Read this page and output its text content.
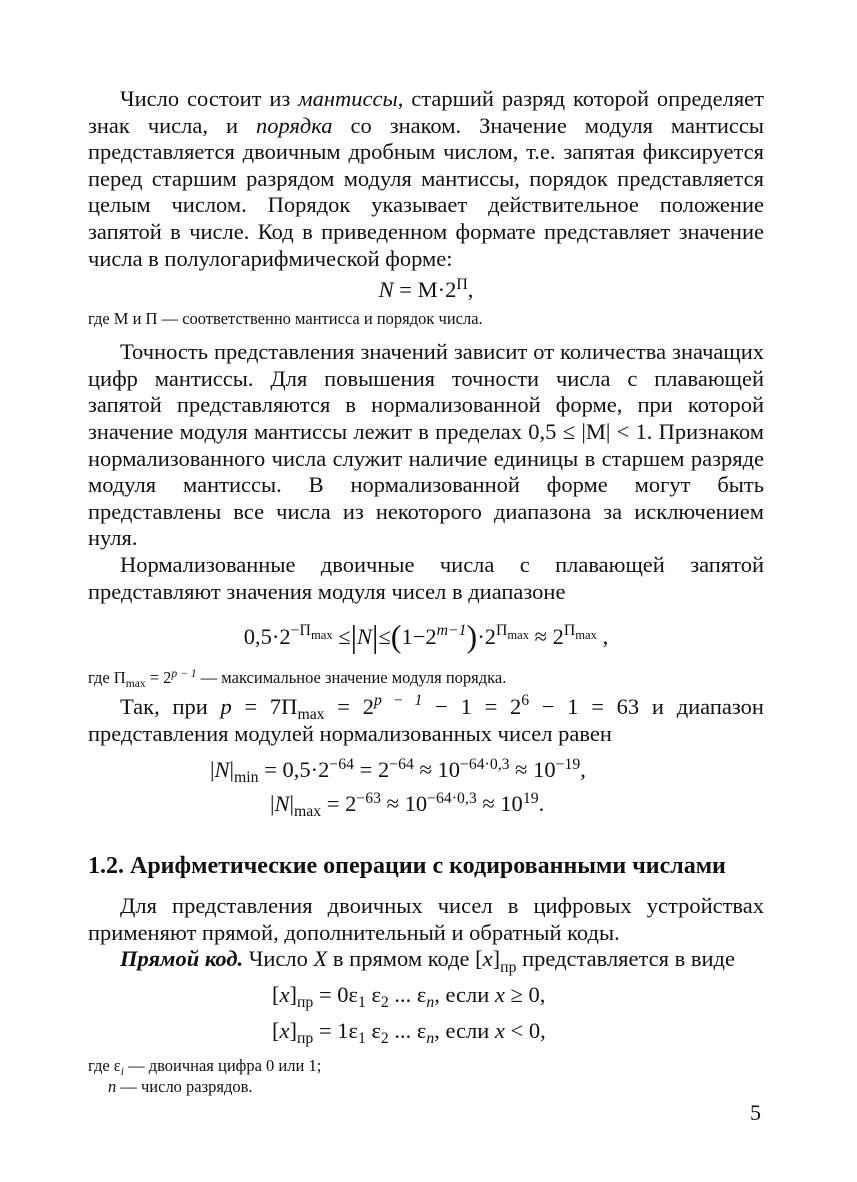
Число состоит из мантиссы, старший разряд которой определяет знак числа, и порядка со знаком. Значение модуля мантиссы представляется двоичным дробным числом, т.е. запятая фиксируется перед старшим разрядом модуля мантиссы, порядок представляется целым числом. Порядок указывает действительное положение запятой в числе. Код в приведенном формате представляет значение числа в полулогарифмической форме:

$N = М\cdot 2^П$,

где М и П — соответственно мантисса и порядок числа.

Точность представления значений зависит от количества значащих цифр мантиссы. Для повышения точности числа с плавающей запятой представляются в нормализованной форме, при которой значение модуля мантиссы лежит в пределах 0,5 ≤ |M| < 1. Признаком нормализованного числа служит наличие единицы в старшем разряде модуля мантиссы. В нормализованной форме могут быть представлены все числа из некоторого диапазона за исключением нуля.

Нормализованные двоичные числа с плавающей запятой представляют значения модуля чисел в диапазоне

$0,5\cdot 2^{-П_{max}} \le|N|\le(1-2^{m-1})\cdot 2^{П_{max}} \approx 2^{П_{max}}$ ,

где $П_{max} = 2^{p - 1}$ — максимальное значение модуля порядка.

Так, при $p = 7П_{max} = 2^{p - 1} - 1 = 2^6 - 1 = 63$ и диапазон представления модулей нормализованных чисел равен

$|N|_{min} = 0,5\cdot 2^{-64} = 2^{-64} \approx 10^{-64\cdot 0,3} \approx 10^{-19}$,
$|N|_{max} = 2^{-63} \approx 10^{-64\cdot 0,3} \approx 10^{19}$.
1.2. Арифметические операции с кодированными числами

Для представления двоичных чисел в цифровых устройствах применяют прямой, дополнительный и обратный коды.

Прямой код. Число X в прямом коде $[x]_{пр}$ представляется в виде

$[x]_{пр} = 0\varepsilon_1$ $\varepsilon_2$ ... $\varepsilon_n$, если x ≥ 0,
$[x]_{пр} = 1\varepsilon_1$ $\varepsilon_2$ ... $\varepsilon_n$, если x < 0,

где $\varepsilon_i$ — двоичная цифра 0 или 1;

n — число разрядов.

5
